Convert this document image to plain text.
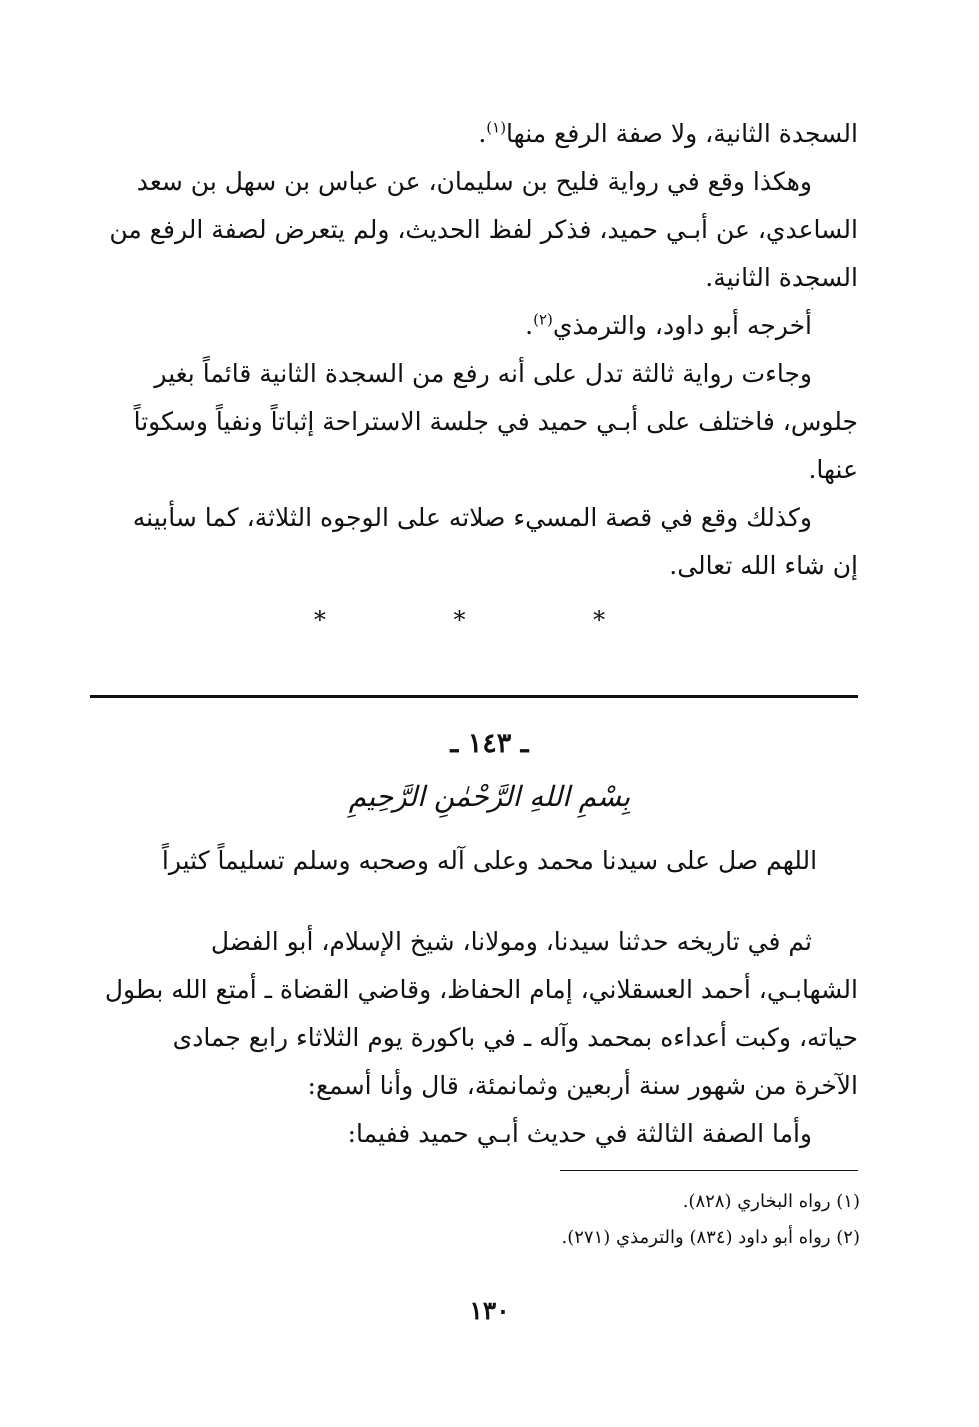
السجدة الثانية، ولا صفة الرفع منها$^{(١)}$.
وهكذا وقع في رواية فليح بن سليمان، عن عباس بن سهل بن سعد
الساعدي، عن أبـي حميد، فذكر لفظ الحديث، ولم يتعرض لصفة الرفع من
السجدة الثانية.
أخرجه أبو داود، والترمذي$^{(٢)}$.
وجاءت رواية ثالثة تدل على أنه رفع من السجدة الثانية قائماً بغير
جلوس، فاختلف على أبـي حميد في جلسة الاستراحة إثباتاً ونفياً وسكوتاً
عنها.
وكذلك وقع في قصة المسيء صلاته على الوجوه الثلاثة، كما سأبينه
إن شاء الله تعالى.
* * *
ـ ١٤٣ ـ
بِسْمِ اللهِ الرَّحْمٰنِ الرَّحِيمِ
اللهم صل على سيدنا محمد وعلى آله وصحبه وسلم تسليماً كثيراً
ثم في تاريخه حدثنا سيدنا، ومولانا، شيخ الإسلام، أبو الفضل
الشهابـي، أحمد العسقلاني، إمام الحفاظ، وقاضي القضاة ـ أمتع الله بطول
حياته، وكبت أعداءه بمحمد وآله ـ في باكورة يوم الثلاثاء رابع جمادى
الآخرة من شهور سنة أربعين وثمانمئة، قال وأنا أسمع:
وأما الصفة الثالثة في حديث أبـي حميد ففيما:
(١) رواه البخاري (٨٢٨).
(٢) رواه أبو داود (٨٣٤) والترمذي (٢٧١).
١٣٠
